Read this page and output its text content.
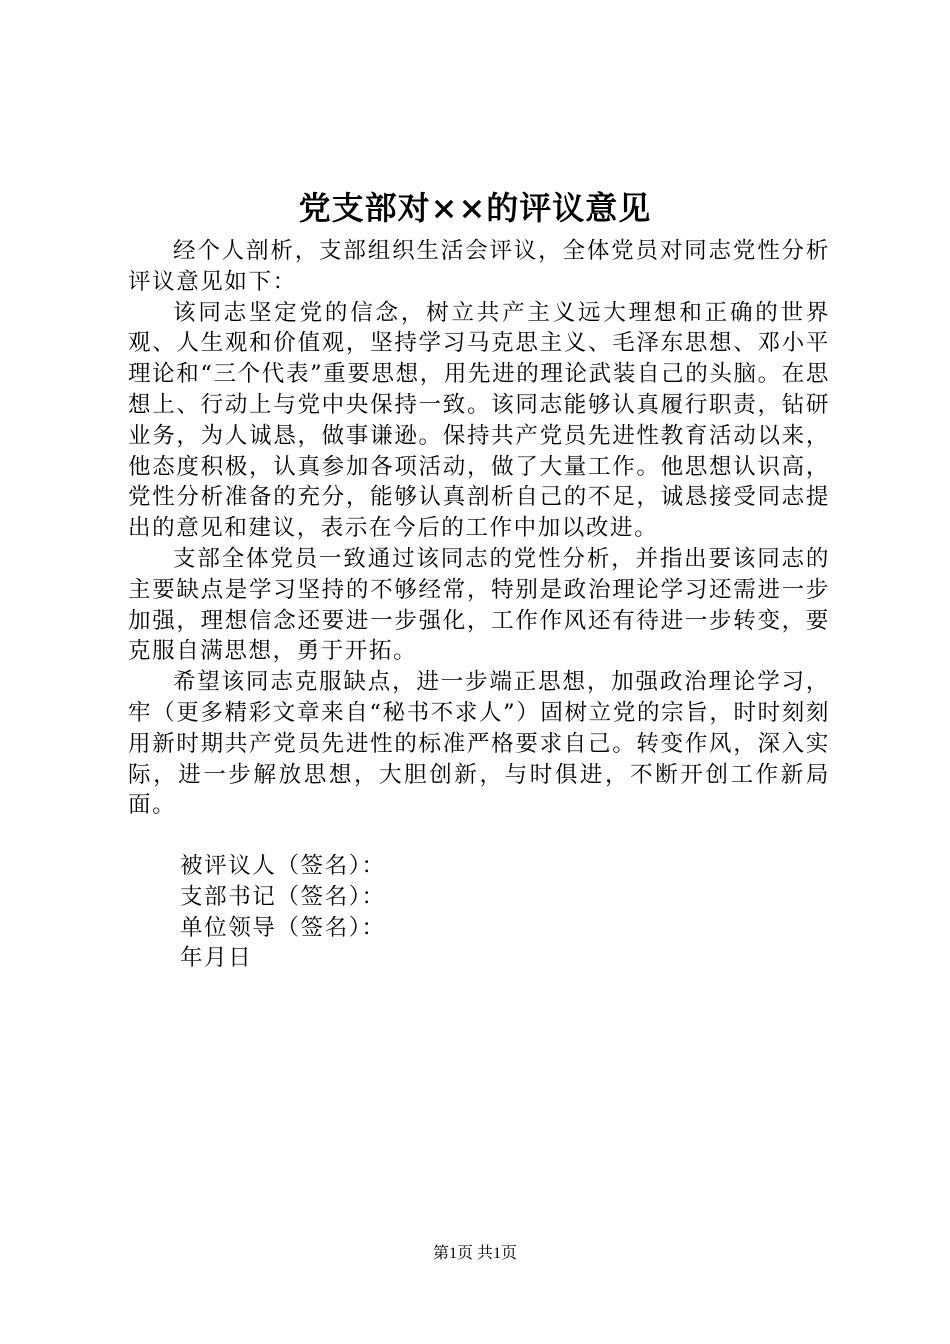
党支部对××的评议意见

经个人剖析，支部组织生活会评议，全体党员对同志党性分析评议意见如下：

该同志坚定党的信念，树立共产主义远大理想和正确的世界观、人生观和价值观，坚持学习马克思主义、毛泽东思想、邓小平理论和“三个代表”重要思想，用先进的理论武装自己的头脑。在思想上、行动上与党中央保持一致。该同志能够认真履行职责，钻研业务，为人诚恳，做事谦逊。保持共产党员先进性教育活动以来，他态度积极，认真参加各项活动，做了大量工作。他思想认识高，党性分析准备的充分，能够认真剖析自己的不足，诚恳接受同志提出的意见和建议，表示在今后的工作中加以改进。

支部全体党员一致通过该同志的党性分析，并指出要该同志的主要缺点是学习坚持的不够经常，特别是政治理论学习还需进一步加强，理想信念还要进一步强化，工作作风还有待进一步转变，要克服自满思想，勇于开拓。

希望该同志克服缺点，进一步端正思想，加强政治理论学习，牢（更多精彩文章来自“秘书不求人”）固树立党的宗旨，时时刻刻用新时期共产党员先进性的标准严格要求自己。转变作风，深入实际，进一步解放思想，大胆创新，与时俱进，不断开创工作新局面。

被评议人（签名）：
支部书记（签名）：
单位领导（签名）：
年月日
第1页 共1页
